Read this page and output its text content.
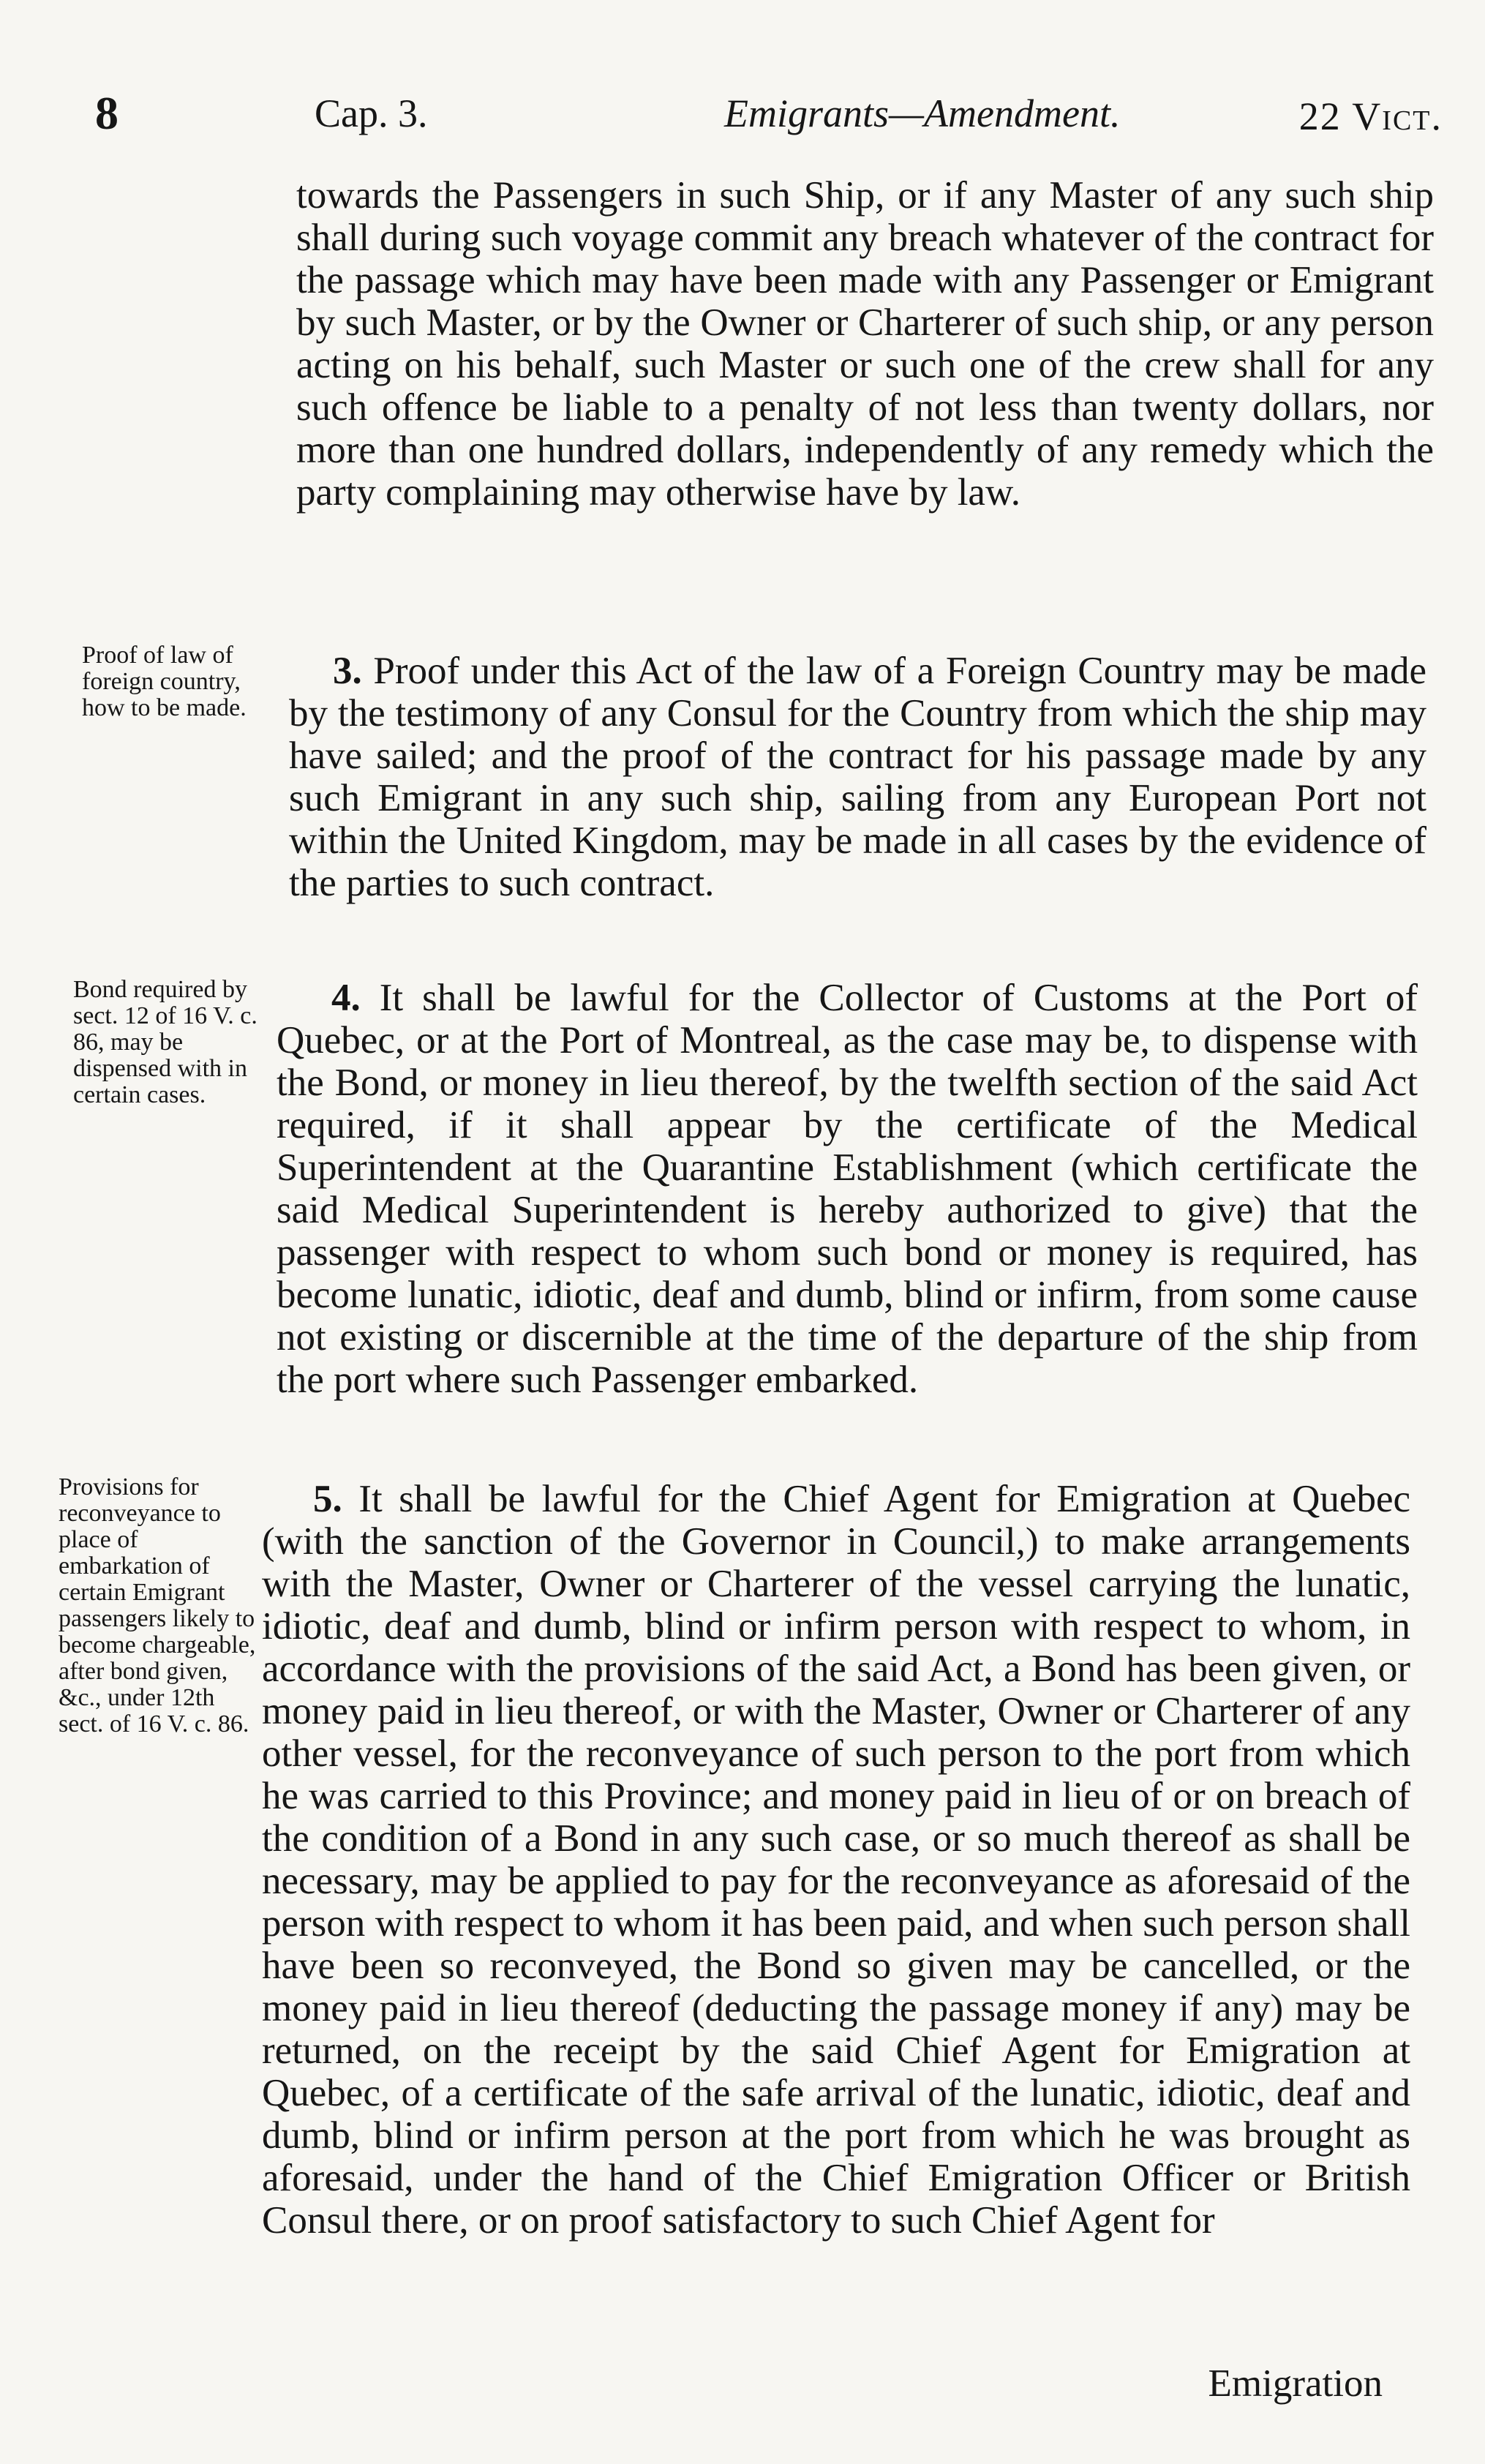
8	Cap. 3.	Emigrants—Amendment.	22 Vict.

towards the Passengers in such Ship, or if any Master of any such ship shall during such voyage commit any breach whatever of the contract for the passage which may have been made with any Passenger or Emigrant by such Master, or by the Owner or Charterer of such ship, or any person acting on his behalf, such Master or such one of the crew shall for any such offence be liable to a penalty of not less than twenty dollars, nor more than one hundred dollars, independently of any remedy which the party complaining may otherwise have by law.

Proof of law of foreign country, how to be made.

3. Proof under this Act of the law of a Foreign Country may be made by the testimony of any Consul for the Country from which the ship may have sailed; and the proof of the contract for his passage made by any such Emigrant in any such ship, sailing from any European Port not within the United Kingdom, may be made in all cases by the evidence of the parties to such contract.

Bond required by sect. 12 of 16 V. c. 86, may be dispensed with in certain cases.

4. It shall be lawful for the Collector of Customs at the Port of Quebec, or at the Port of Montreal, as the case may be, to dispense with the Bond, or money in lieu thereof, by the twelfth section of the said Act required, if it shall appear by the certificate of the Medical Superintendent at the Quarantine Establishment (which certificate the said Medical Superintendent is hereby authorized to give) that the passenger with respect to whom such bond or money is required, has become lunatic, idiotic, deaf and dumb, blind or infirm, from some cause not existing or discernible at the time of the departure of the ship from the port where such Passenger embarked.

Provisions for reconveyance to place of embarkation of certain Emigrant passengers likely to become chargeable, after bond given, &c., under 12th sect. of 16 V. c. 86.

5. It shall be lawful for the Chief Agent for Emigration at Quebec (with the sanction of the Governor in Council,) to make arrangements with the Master, Owner or Charterer of the vessel carrying the lunatic, idiotic, deaf and dumb, blind or infirm person with respect to whom, in accordance with the provisions of the said Act, a Bond has been given, or money paid in lieu thereof, or with the Master, Owner or Charterer of any other vessel, for the reconveyance of such person to the port from which he was carried to this Province; and money paid in lieu of or on breach of the condition of a Bond in any such case, or so much thereof as shall be necessary, may be applied to pay for the reconveyance as aforesaid of the person with respect to whom it has been paid, and when such person shall have been so reconveyed, the Bond so given may be cancelled, or the money paid in lieu thereof (deducting the passage money if any) may be returned, on the receipt by the said Chief Agent for Emigration at Quebec, of a certificate of the safe arrival of the lunatic, idiotic, deaf and dumb, blind or infirm person at the port from which he was brought as aforesaid, under the hand of the Chief Emigration Officer or British Consul there, or on proof satisfactory to such Chief Agent for

Emigration
